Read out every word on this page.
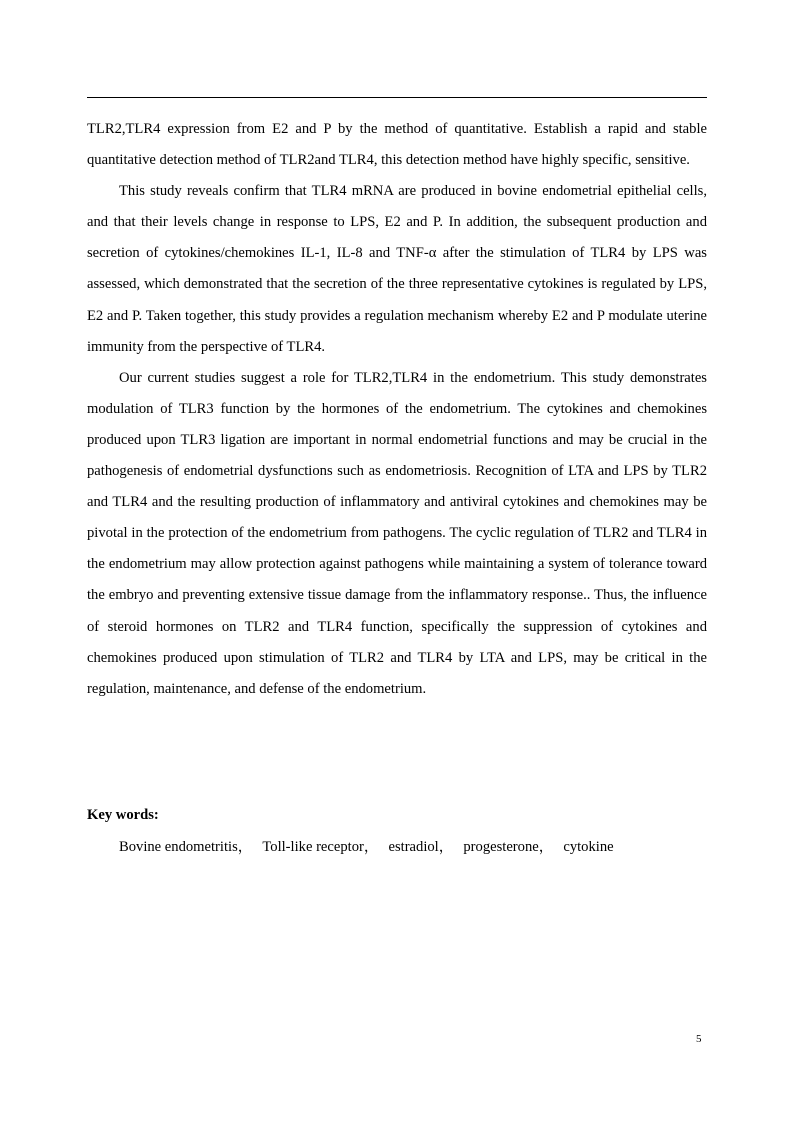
TLR2,TLR4 expression from E2 and P by the method of quantitative. Establish a rapid and stable quantitative detection method of TLR2and TLR4, this detection method have highly specific, sensitive.

This study reveals confirm that TLR4 mRNA are produced in bovine endometrial epithelial cells, and that their levels change in response to LPS, E2 and P. In addition, the subsequent production and secretion of cytokines/chemokines IL-1, IL-8 and TNF-α after the stimulation of TLR4 by LPS was assessed, which demonstrated that the secretion of the three representative cytokines is regulated by LPS, E2 and P. Taken together, this study provides a regulation mechanism whereby E2 and P modulate uterine immunity from the perspective of TLR4.

Our current studies suggest a role for TLR2,TLR4 in the endometrium. This study demonstrates modulation of TLR3 function by the hormones of the endometrium. The cytokines and chemokines produced upon TLR3 ligation are important in normal endometrial functions and may be crucial in the pathogenesis of endometrial dysfunctions such as endometriosis. Recognition of LTA and LPS by TLR2 and TLR4 and the resulting production of inflammatory and antiviral cytokines and chemokines may be pivotal in the protection of the endometrium from pathogens. The cyclic regulation of TLR2 and TLR4 in the endometrium may allow protection against pathogens while maintaining a system of tolerance toward the embryo and preventing extensive tissue damage from the inflammatory response.. Thus, the influence of steroid hormones on TLR2 and TLR4 function, specifically the suppression of cytokines and chemokines produced upon stimulation of TLR2 and TLR4 by LTA and LPS, may be critical in the regulation, maintenance, and defense of the endometrium.

Key words:

Bovine endometritis， Toll-like receptor， estradiol， progesterone， cytokine

5
